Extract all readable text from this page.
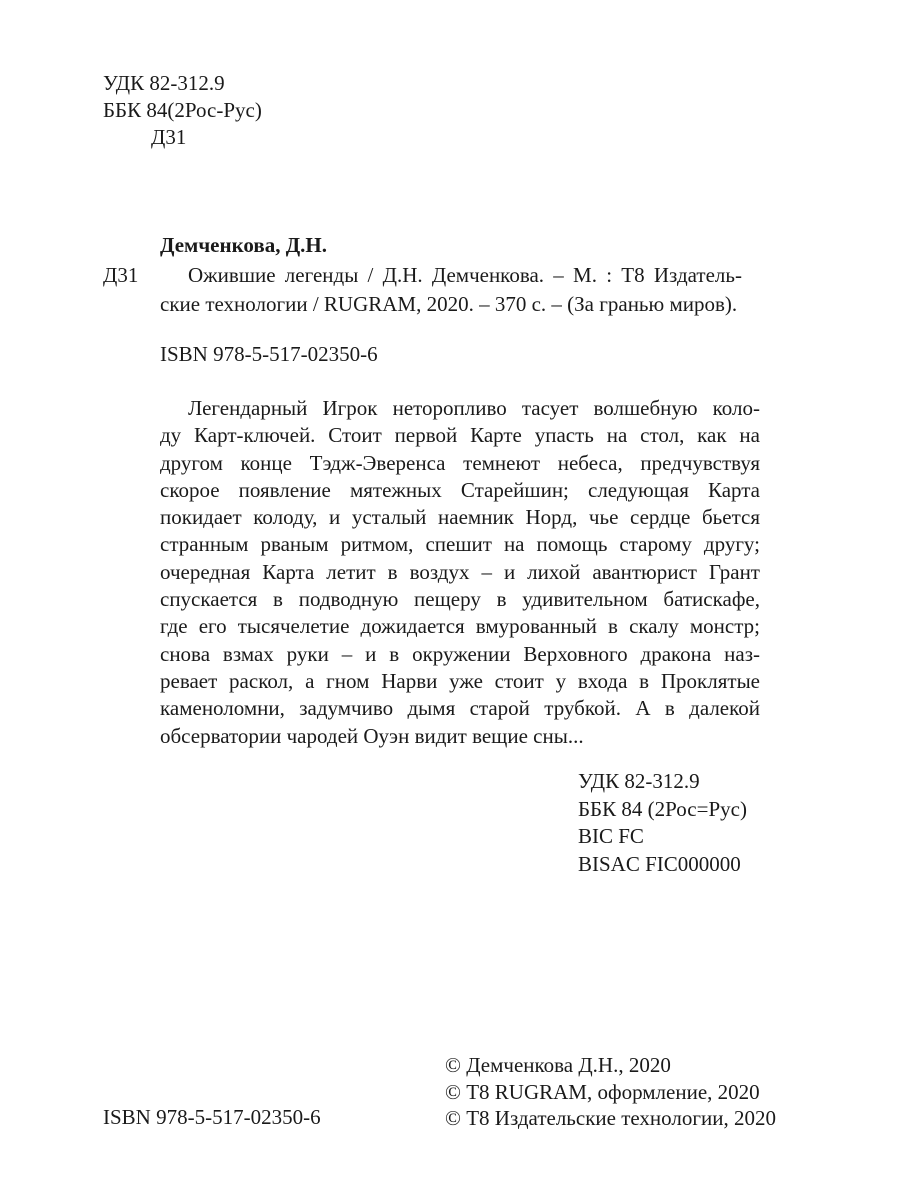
УДК 82-312.9
ББК 84(2Рос-Рус)
Д31
Демченкова, Д.Н.
Д31	Ожившие легенды / Д.Н. Демченкова. – М. : Т8 Издатель-
ские технологии / RUGRAM, 2020. – 370 с. – (За гранью миров).
ISBN 978-5-517-02350-6
Легендарный Игрок неторопливо тасует волшебную коло-
ду Карт-ключей. Стоит первой Карте упасть на стол, как на
другом конце Тэдж-Эверенса темнеют небеса, предчувствуя
скорое появление мятежных Старейшин; следующая Карта
покидает колоду, и усталый наемник Норд, чье сердце бьется
странным рваным ритмом, спешит на помощь старому другу;
очередная Карта летит в воздух – и лихой авантюрист Грант
спускается в подводную пещеру в удивительном батискафе,
где его тысячелетие дожидается вмурованный в скалу монстр;
снова взмах руки – и в окружении Верховного дракона наз-
ревает раскол, а гном Нарви уже стоит у входа в Проклятые
каменоломни, задумчиво дымя старой трубкой. А в далекой
обсерватории чародей Оуэн видит вещие сны...
УДК 82-312.9
ББК 84 (2Рос=Рус)
BIC FC
BISAC FIC000000
ISBN 978-5-517-02350-6
© Демченкова Д.Н., 2020
© Т8 RUGRAM, оформление, 2020
© Т8 Издательские технологии, 2020
